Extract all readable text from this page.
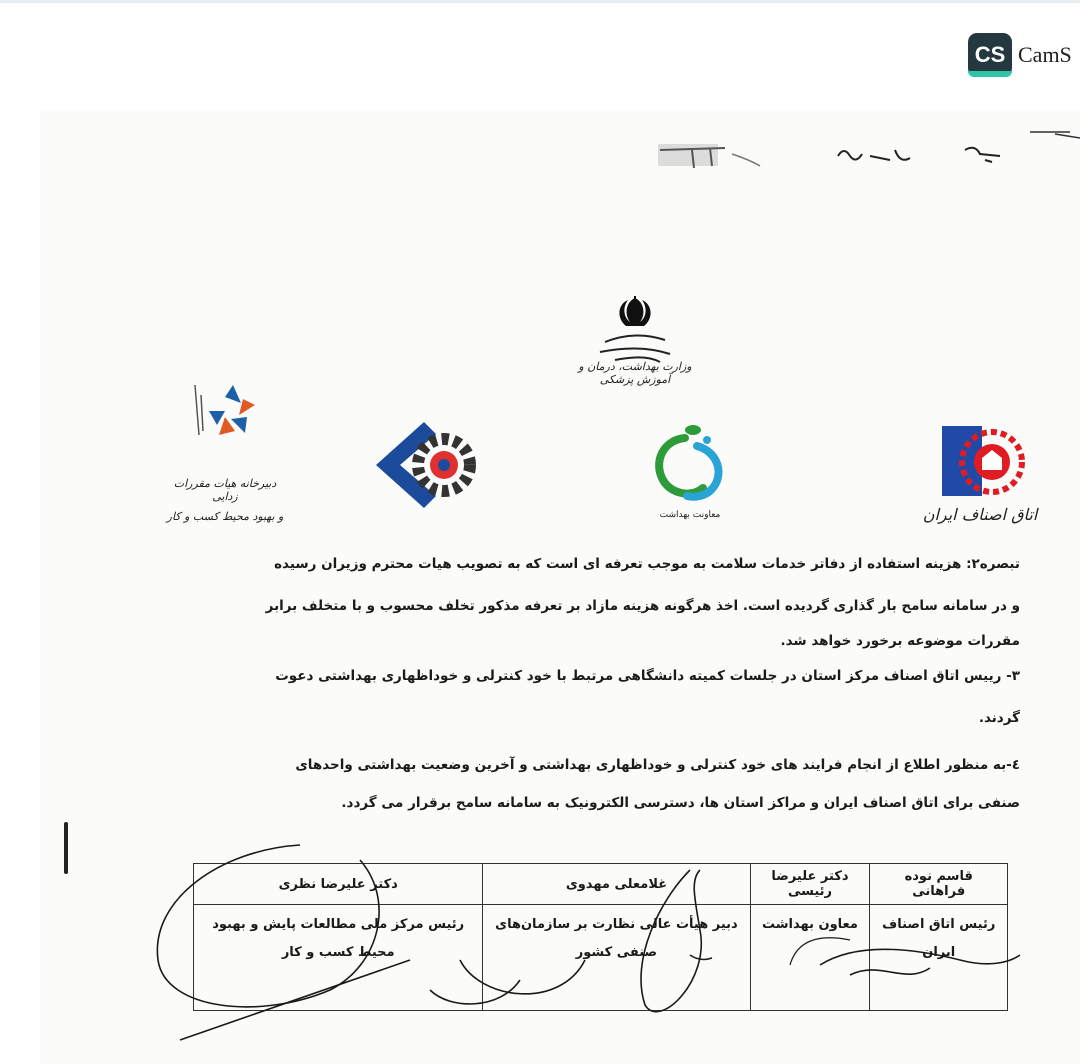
CS CamS
وزارت بهداشت، درمان و آموزش پزشکی
اتاق اصناف ایران
معاونت بهداشت
دبیرخانه هیات مقررات زدایی
و بهبود محیط کسب و کار
تبصره۲: هزینه استفاده از دفاتر خدمات سلامت به موجب تعرفه ای است که به تصویب هیات محترم وزیران رسیده
و در سامانه سامح بار گذاری گردیده است. اخذ هرگونه هزینه مازاد بر تعرفه مذکور تخلف محسوب و با متخلف برابر
مقررات موضوعه برخورد خواهد شد.
۳- رییس اتاق اصناف مرکز استان در جلسات کمیته دانشگاهی مرتبط با خود کنترلی و خوداظهاری بهداشتی دعوت
گردند.
٤-به منظور اطلاع از انجام فرایند های خود کنترلی و خوداظهاری بهداشتی و آخرین وضعیت بهداشتی واحدهای
صنفی برای اتاق اصناف ایران و مراکز استان ها، دسترسی الکترونیک به سامانه سامح برقرار می گردد.
قاسم نوده فراهانی	دکتر علیرضا رئیسی	غلامعلی مهدوی	دکتر علیرضا نظری
رئیس اتاق اصناف ایران	معاون بهداشت	دبیر هیأت عالی نظارت بر سازمان‌های صنفی کشور	رئیس مرکز ملی مطالعات پایش و بهبود محیط کسب و کار
